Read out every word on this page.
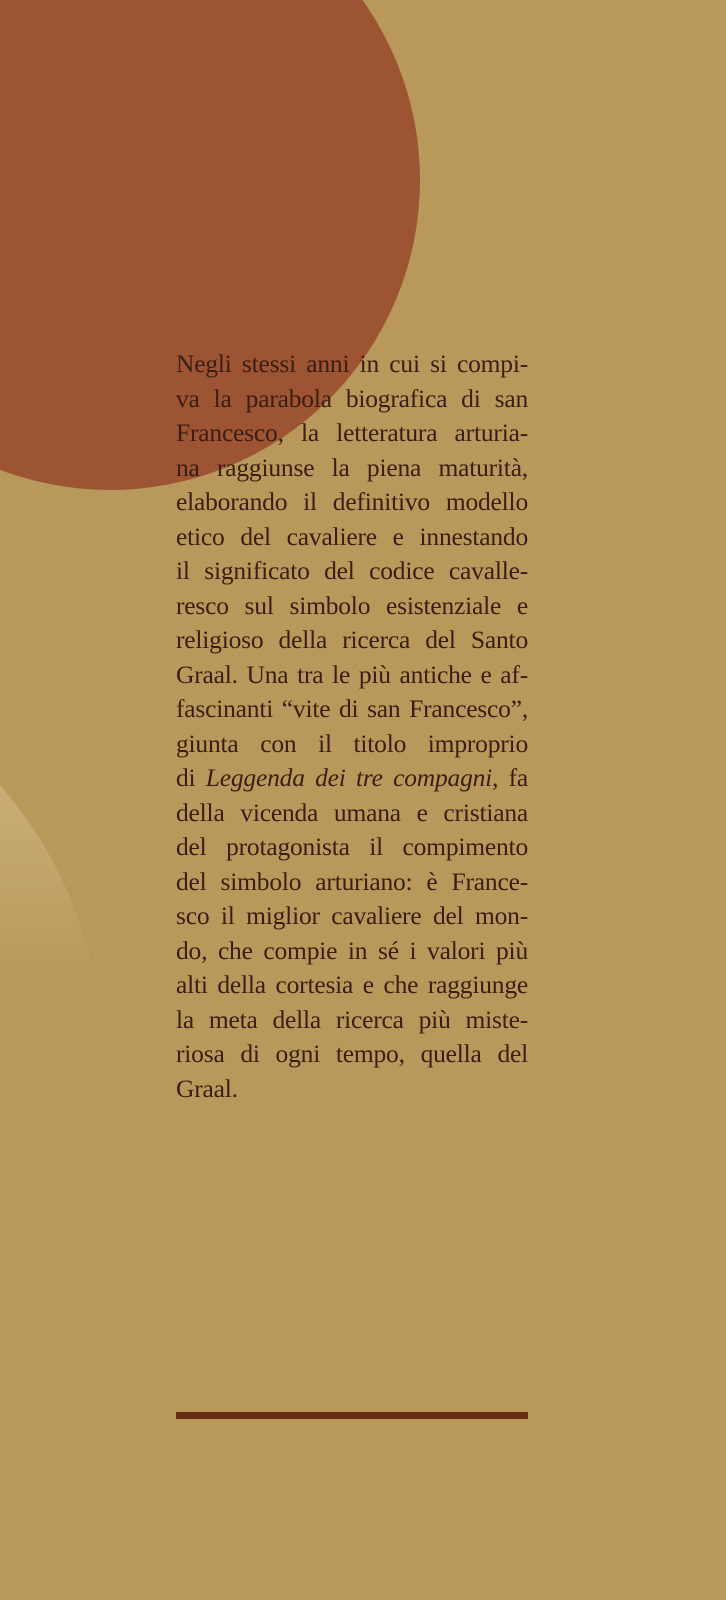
Negli stessi anni in cui si compi-
va la parabola biografica di san
Francesco, la letteratura arturia-
na raggiunse la piena maturità,
elaborando il definitivo modello
etico del cavaliere e innestando
il significato del codice cavalle-
resco sul simbolo esistenziale e
religioso della ricerca del Santo
Graal. Una tra le più antiche e af-
fascinanti “vite di san Francesco”,
giunta con il titolo improprio
di Leggenda dei tre compagni, fa
della vicenda umana e cristiana
del protagonista il compimento
del simbolo arturiano: è France-
sco il miglior cavaliere del mon-
do, che compie in sé i valori più
alti della cortesia e che raggiunge
la meta della ricerca più miste-
riosa di ogni tempo, quella del
Graal.
